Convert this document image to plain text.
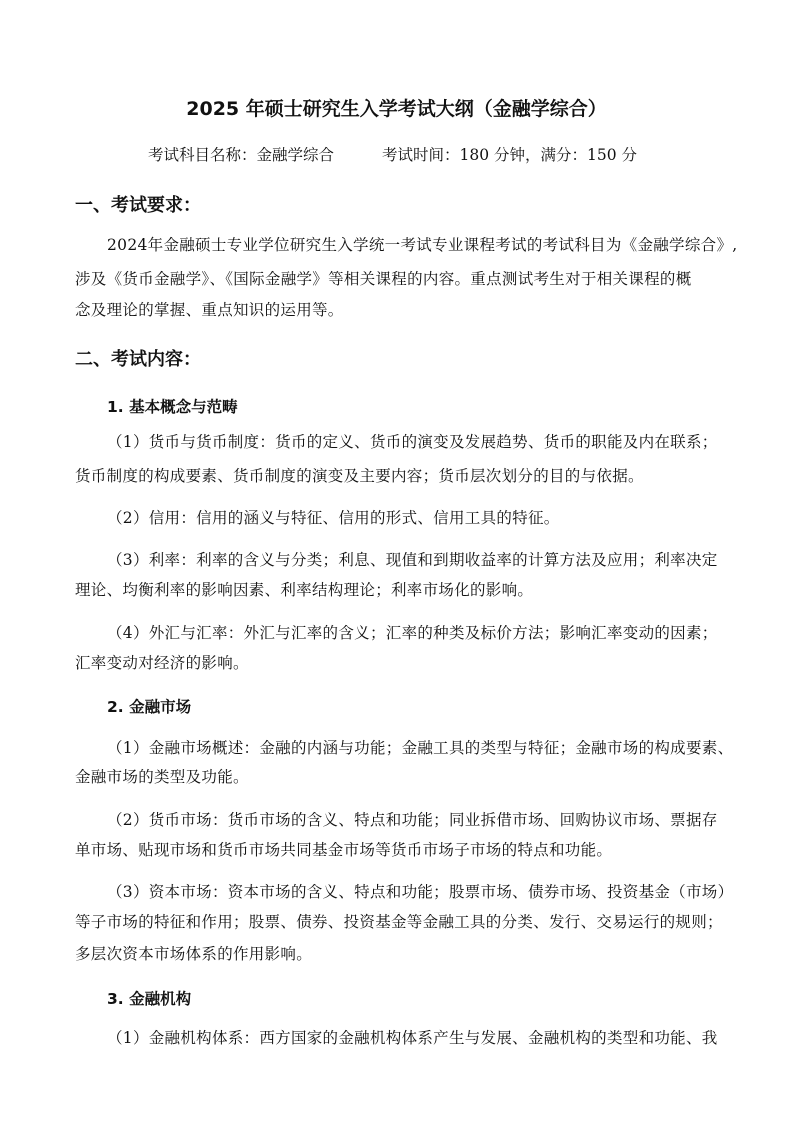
2025 年硕士研究生入学考试大纲（金融学综合）
考试科目名称：金融学综合	考试时间：180 分钟，满分：150 分
一、考试要求：
2024年金融硕士专业学位研究生入学统一考试专业课程考试的考试科目为《金融学综合》,
涉及《货币金融学》、《国际金融学》等相关课程的内容。重点测试考生对于相关课程的概
念及理论的掌握、重点知识的运用等。
二、考试内容：
1. 基本概念与范畴
（1）货币与货币制度：货币的定义、货币的演变及发展趋势、货币的职能及内在联系；
货币制度的构成要素、货币制度的演变及主要内容；货币层次划分的目的与依据。
（2）信用：信用的涵义与特征、信用的形式、信用工具的特征。
（3）利率：利率的含义与分类；利息、现值和到期收益率的计算方法及应用；利率决定
理论、均衡利率的影响因素、利率结构理论；利率市场化的影响。
（4）外汇与汇率：外汇与汇率的含义；汇率的种类及标价方法；影响汇率变动的因素；
汇率变动对经济的影响。
2. 金融市场
（1）金融市场概述：金融的内涵与功能；金融工具的类型与特征；金融市场的构成要素、
金融市场的类型及功能。
（2）货币市场：货币市场的含义、特点和功能；同业拆借市场、回购协议市场、票据存
单市场、贴现市场和货币市场共同基金市场等货币市场子市场的特点和功能。
（3）资本市场：资本市场的含义、特点和功能；股票市场、债券市场、投资基金（市场）
等子市场的特征和作用；股票、债券、投资基金等金融工具的分类、发行、交易运行的规则；
多层次资本市场体系的作用影响。
3. 金融机构
（1）金融机构体系：西方国家的金融机构体系产生与发展、金融机构的类型和功能、我
